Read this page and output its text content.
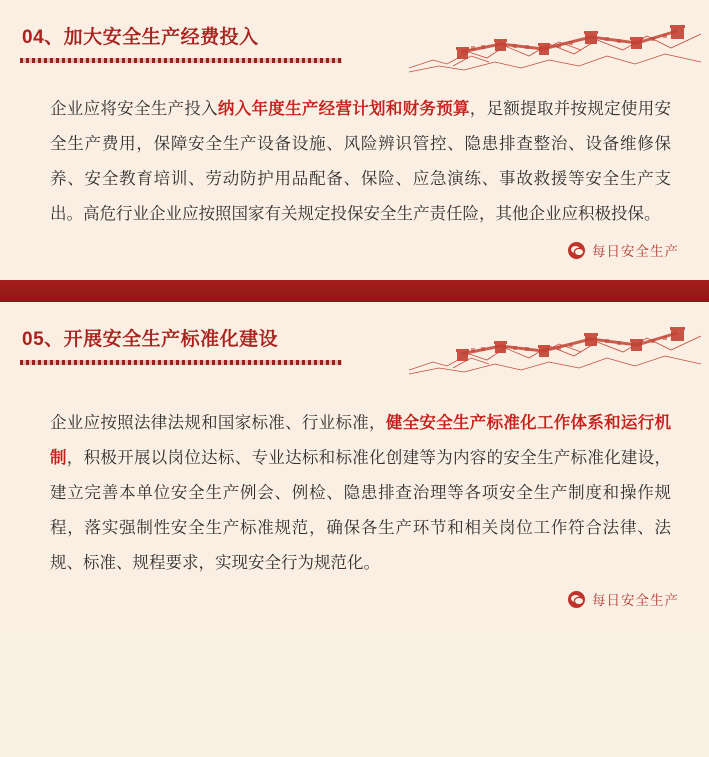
04、加大安全生产经费投入
企业应将安全生产投入纳入年度生产经营计划和财务预算，足额提取并按规定使用安全生产费用，保障安全生产设备设施、风险辨识管控、隐患排查整治、设备维修保养、安全教育培训、劳动防护用品配备、保险、应急演练、事故救援等安全生产支出。高危行业企业应按照国家有关规定投保安全生产责任险，其他企业应积极投保。
每日安全生产
05、开展安全生产标准化建设
企业应按照法律法规和国家标准、行业标准，健全安全生产标准化工作体系和运行机制，积极开展以岗位达标、专业达标和标准化创建等为内容的安全生产标准化建设，建立完善本单位安全生产例会、例检、隐患排查治理等各项安全生产制度和操作规程，落实强制性安全生产标准规范，确保各生产环节和相关岗位工作符合法律、法规、标准、规程要求，实现安全行为规范化。
每日安全生产
